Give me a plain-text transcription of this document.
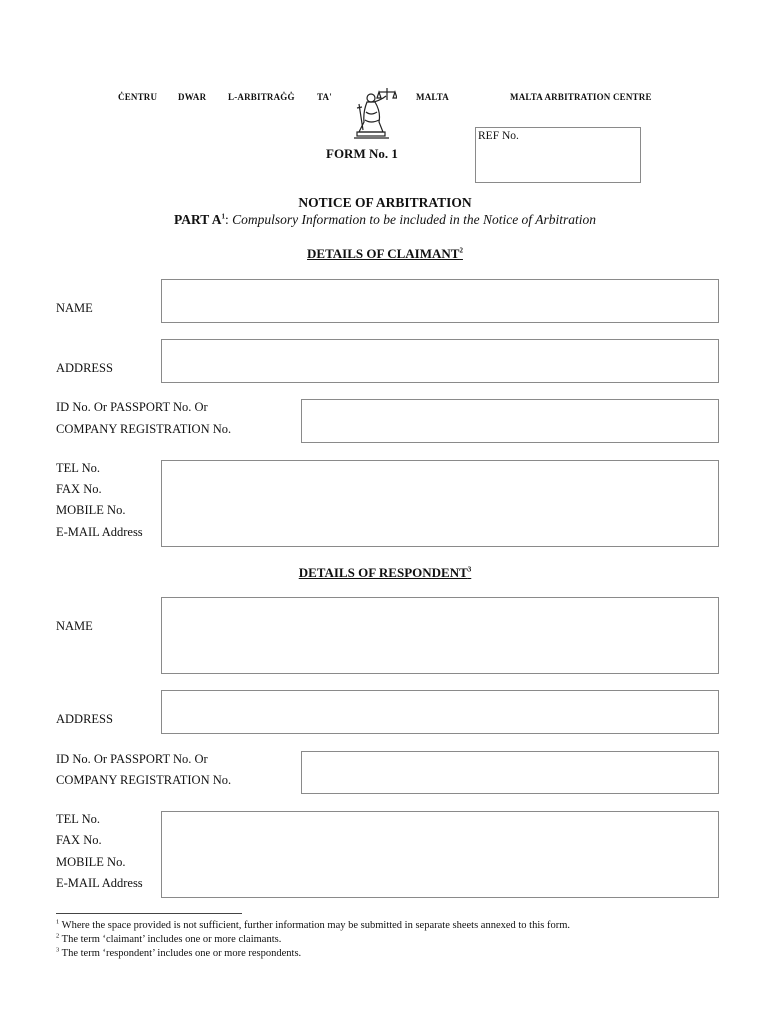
ĊENTRU DWAR L-ARBITRAĠĠ TA'	MALTA	MALTA ARBITRATION CENTRE
REF No.
FORM No. 1
NOTICE OF ARBITRATION
PART $A^1$: Compulsory Information to be included in the Notice of Arbitration
DETAILS OF CLAIMANT$^2$
NAME
ADDRESS
ID No. Or PASSPORT No. Or
COMPANY REGISTRATION No.
TEL No.
FAX No.
MOBILE No.
E-MAIL Address
DETAILS OF RESPONDENT$^3$
NAME
ADDRESS
ID No. Or PASSPORT No. Or
COMPANY REGISTRATION No.
TEL No.
FAX No.
MOBILE No.
E-MAIL Address
$^1$ Where the space provided is not sufficient, further information may be submitted in separate sheets annexed to this form.
$^2$ The term ‘claimant’ includes one or more claimants.
$^3$ The term ‘respondent’ includes one or more respondents.
